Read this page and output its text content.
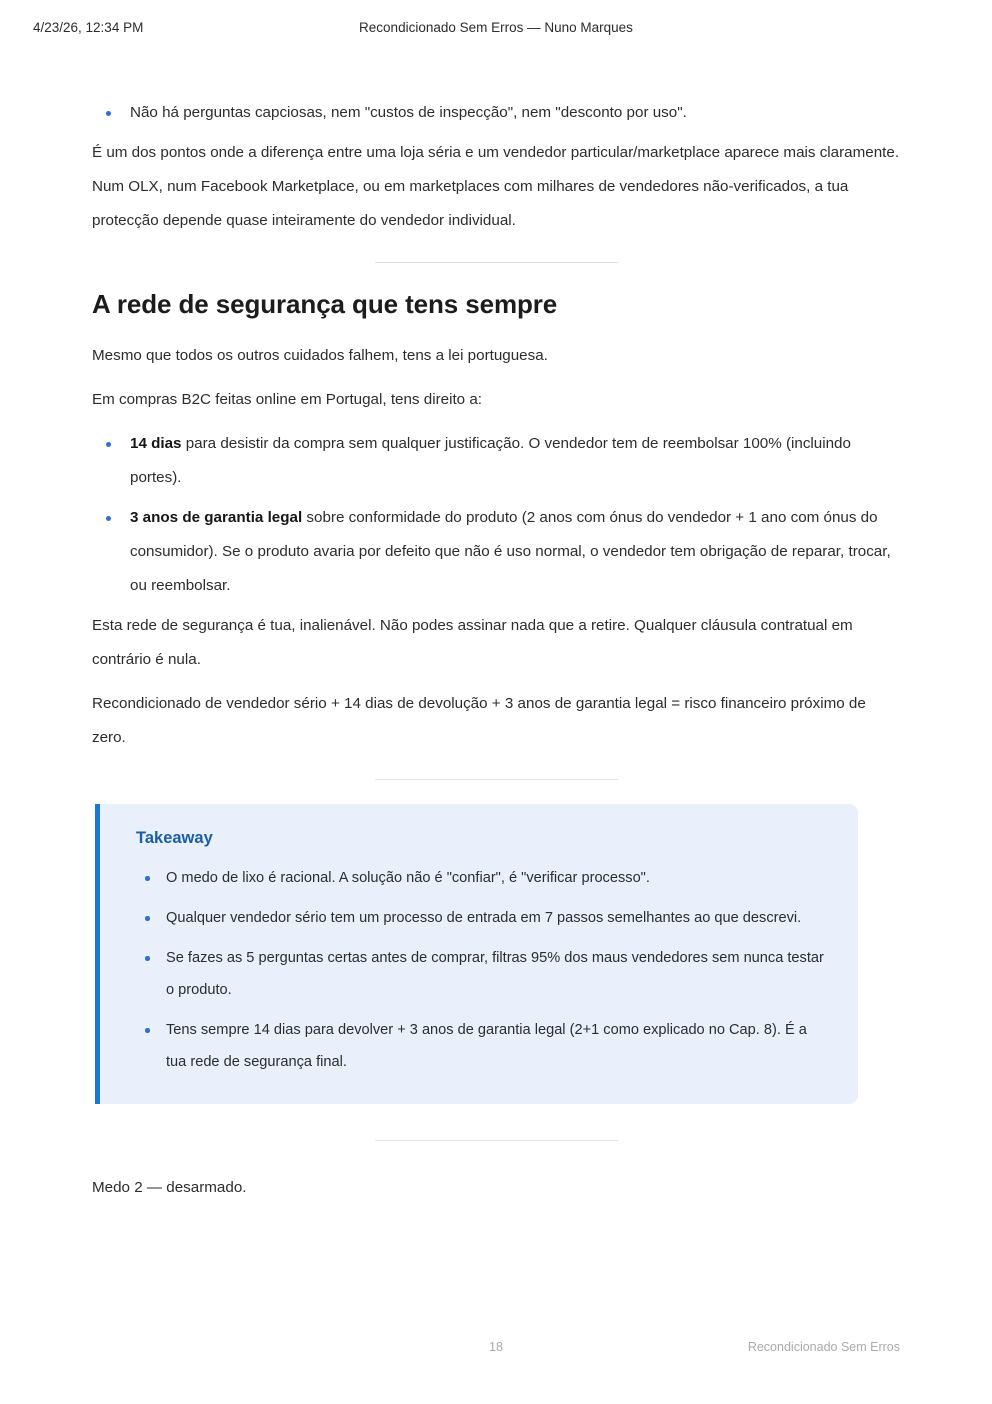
4/23/26, 12:34 PM	Recondicionado Sem Erros — Nuno Marques
Não há perguntas capciosas, nem "custos de inspecção", nem "desconto por uso".

É um dos pontos onde a diferença entre uma loja séria e um vendedor particular/marketplace aparece mais claramente. Num OLX, num Facebook Marketplace, ou em marketplaces com milhares de vendedores não-verificados, a tua protecção depende quase inteiramente do vendedor individual.

A rede de segurança que tens sempre

Mesmo que todos os outros cuidados falhem, tens a lei portuguesa.

Em compras B2C feitas online em Portugal, tens direito a:

14 dias para desistir da compra sem qualquer justificação. O vendedor tem de reembolsar 100% (incluindo portes).
3 anos de garantia legal sobre conformidade do produto (2 anos com ónus do vendedor + 1 ano com ónus do consumidor). Se o produto avaria por defeito que não é uso normal, o vendedor tem obrigação de reparar, trocar, ou reembolsar.

Esta rede de segurança é tua, inalienável. Não podes assinar nada que a retire. Qualquer cláusula contratual em contrário é nula.

Recondicionado de vendedor sério + 14 dias de devolução + 3 anos de garantia legal = risco financeiro próximo de zero.

Takeaway
O medo de lixo é racional. A solução não é "confiar", é "verificar processo".
Qualquer vendedor sério tem um processo de entrada em 7 passos semelhantes ao que descrevi.
Se fazes as 5 perguntas certas antes de comprar, filtras 95% dos maus vendedores sem nunca testar o produto.
Tens sempre 14 dias para devolver + 3 anos de garantia legal (2+1 como explicado no Cap. 8). É a tua rede de segurança final.

Medo 2 — desarmado.

18	Recondicionado Sem Erros
